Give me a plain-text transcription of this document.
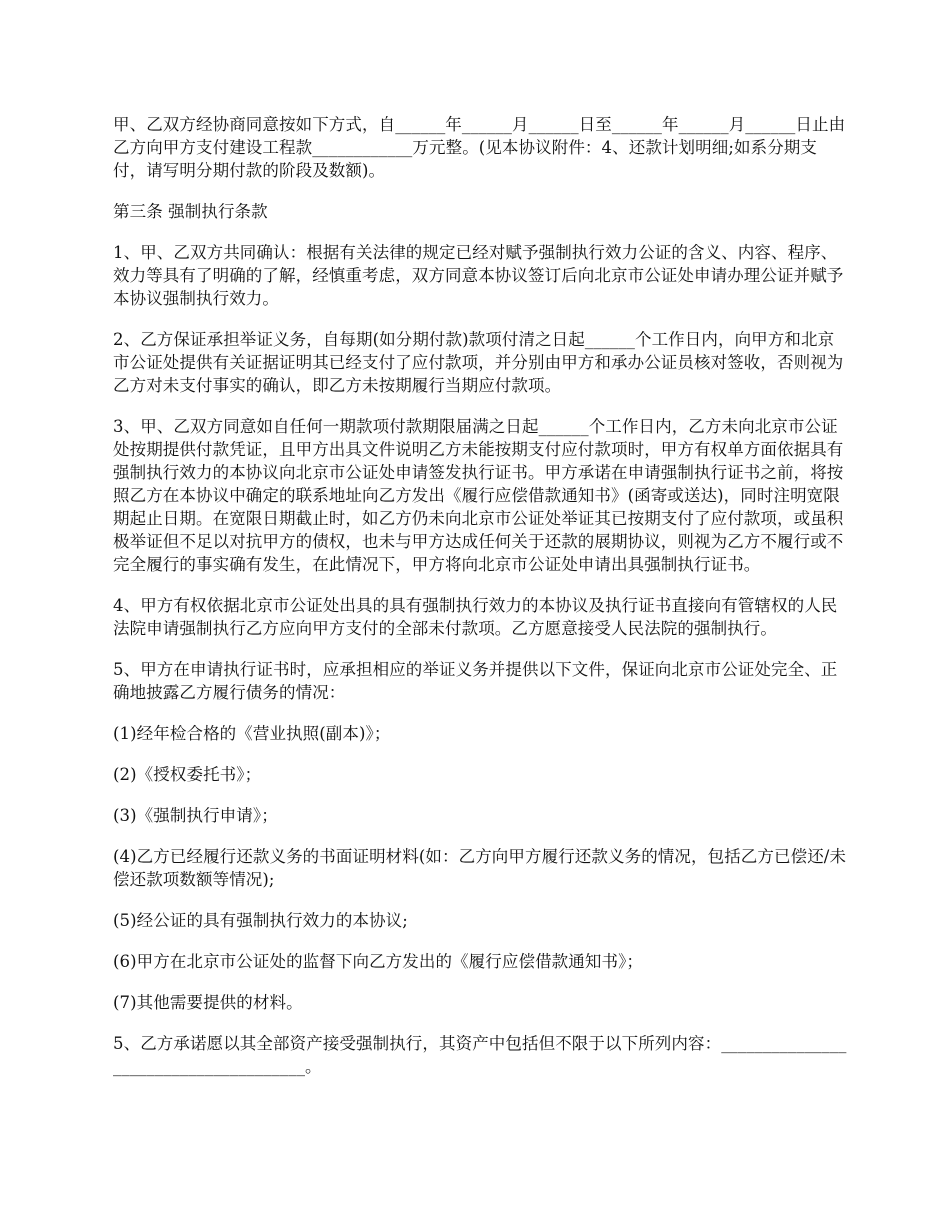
甲、乙双方经协商同意按如下方式，自______年______月______日至______年______月______日止由乙方向甲方支付建设工程款____________万元整。(见本协议附件：4、还款计划明细;如系分期支付，请写明分期付款的阶段及数额)。

第三条 强制执行条款

1、甲、乙双方共同确认：根据有关法律的规定已经对赋予强制执行效力公证的含义、内容、程序、效力等具有了明确的了解，经慎重考虑，双方同意本协议签订后向北京市公证处申请办理公证并赋予本协议强制执行效力。

2、乙方保证承担举证义务，自每期(如分期付款)款项付清之日起______个工作日内，向甲方和北京市公证处提供有关证据证明其已经支付了应付款项，并分别由甲方和承办公证员核对签收，否则视为乙方对未支付事实的确认，即乙方未按期履行当期应付款项。

3、甲、乙双方同意如自任何一期款项付款期限届满之日起______个工作日内，乙方未向北京市公证处按期提供付款凭证，且甲方出具文件说明乙方未能按期支付应付款项时，甲方有权单方面依据具有强制执行效力的本协议向北京市公证处申请签发执行证书。甲方承诺在申请强制执行证书之前，将按照乙方在本协议中确定的联系地址向乙方发出《履行应偿借款通知书》(函寄或送达)，同时注明宽限期起止日期。在宽限日期截止时，如乙方仍未向北京市公证处举证其已按期支付了应付款项，或虽积极举证但不足以对抗甲方的债权，也未与甲方达成任何关于还款的展期协议，则视为乙方不履行或不完全履行的事实确有发生，在此情况下，甲方将向北京市公证处申请出具强制执行证书。

4、甲方有权依据北京市公证处出具的具有强制执行效力的本协议及执行证书直接向有管辖权的人民法院申请强制执行乙方应向甲方支付的全部未付款项。乙方愿意接受人民法院的强制执行。

5、甲方在申请执行证书时，应承担相应的举证义务并提供以下文件，保证向北京市公证处完全、正确地披露乙方履行债务的情况：

(1)经年检合格的《营业执照(副本)》；

(2)《授权委托书》；

(3)《强制执行申请》；

(4)乙方已经履行还款义务的书面证明材料(如：乙方向甲方履行还款义务的情况，包括乙方已偿还/未偿还款项数额等情况);

(5)经公证的具有强制执行效力的本协议;

(6)甲方在北京市公证处的监督下向乙方发出的《履行应偿借款通知书》；

(7)其他需要提供的材料。

5、乙方承诺愿以其全部资产接受强制执行，其资产中包括但不限于以下所列内容：______________________________________。
